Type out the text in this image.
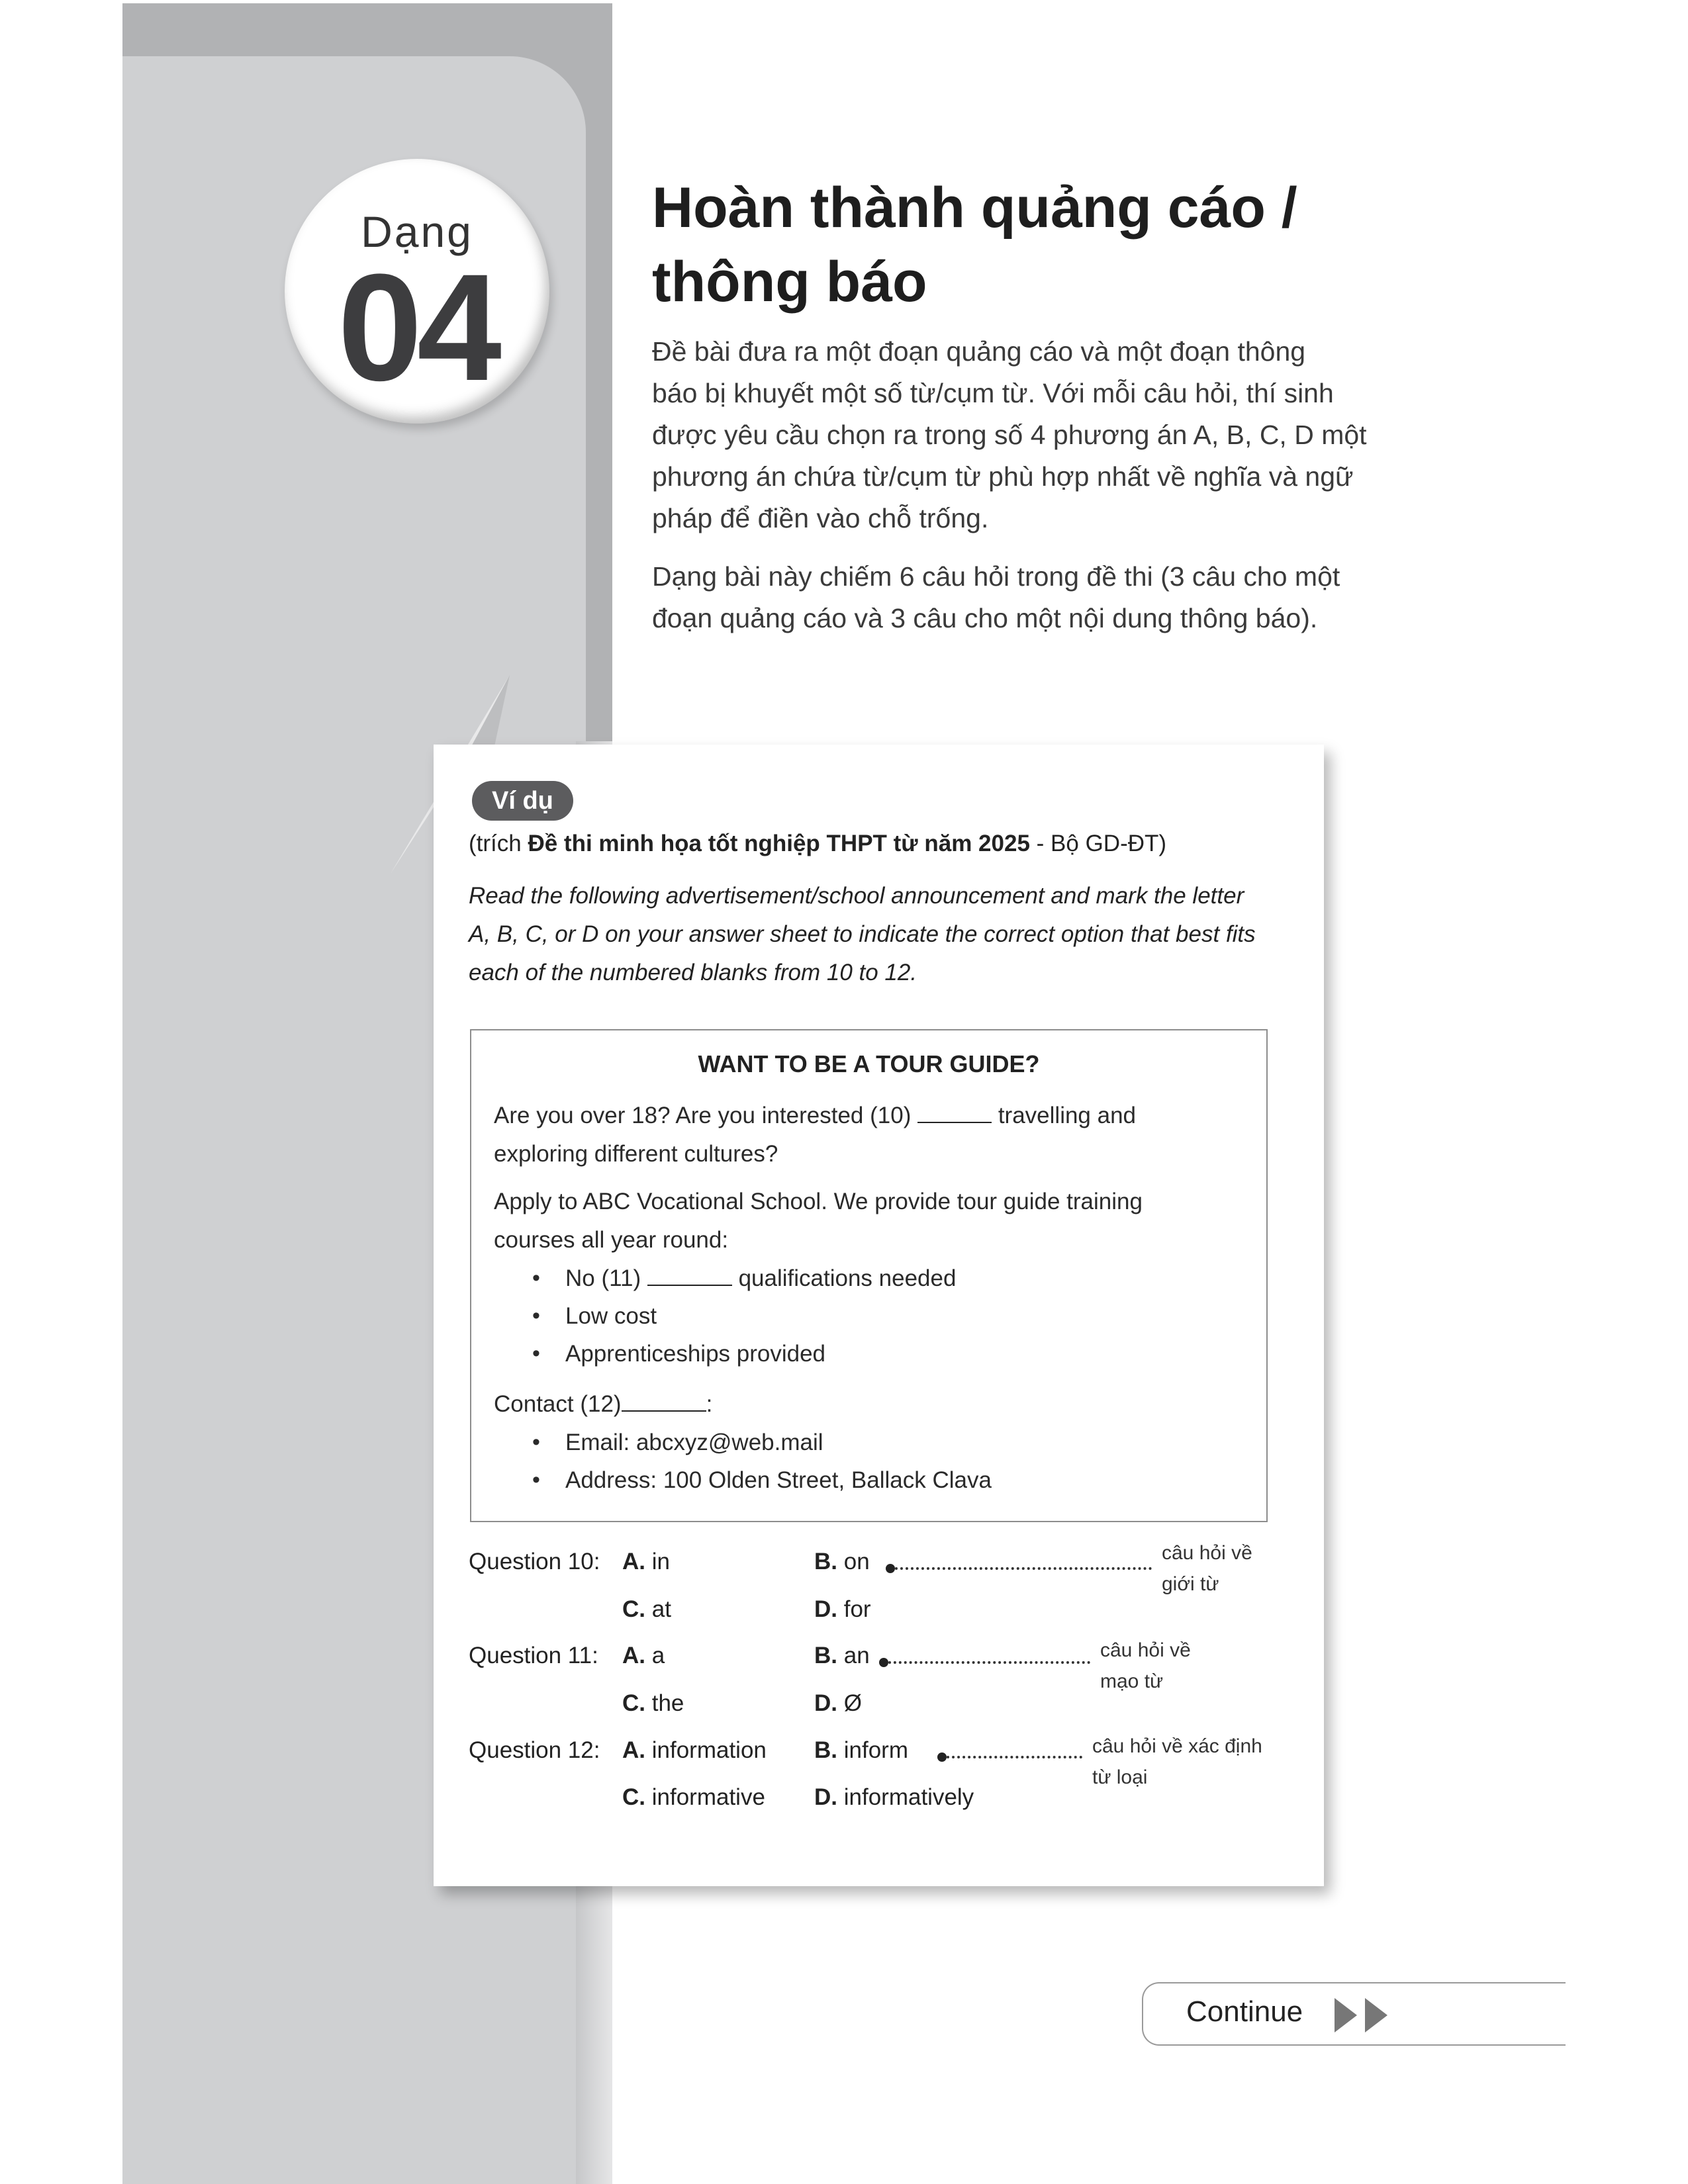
Dạng
04
Hoàn thành quảng cáo /
thông báo

Đề bài đưa ra một đoạn quảng cáo và một đoạn thông
báo bị khuyết một số từ/cụm từ. Với mỗi câu hỏi, thí sinh
được yêu cầu chọn ra trong số 4 phương án A, B, C, D một
phương án chứa từ/cụm từ phù hợp nhất về nghĩa và ngữ
pháp để điền vào chỗ trống.

Dạng bài này chiếm 6 câu hỏi trong đề thi (3 câu cho một
đoạn quảng cáo và 3 câu cho một nội dung thông báo).

Ví dụ
(trích Đề thi minh họa tốt nghiệp THPT từ năm 2025 - Bộ GD-ĐT)

Read the following advertisement/school announcement and mark the letter
A, B, C, or D on your answer sheet to indicate the correct option that best fits
each of the numbered blanks from 10 to 12.

WANT TO BE A TOUR GUIDE?

Are you over 18? Are you interested (10)	travelling and
exploring different cultures?

Apply to ABC Vocational School. We provide tour guide training
courses all year round:

• No (11)	qualifications needed
• Low cost
• Apprenticeships provided

Contact (12)	:

• Email: abcxyz@web.mail
• Address: 100 Olden Street, Ballack Clava
Question 10: A. in	B. on
C. at	D. for
câu hỏi về
giới từ
Question 11: A. a	B. an
C. the	D. Ø
câu hỏi về
mạo từ
Question 12: A. information B. inform
C. informative D. informatively
câu hỏi về xác định
từ loại
Continue
